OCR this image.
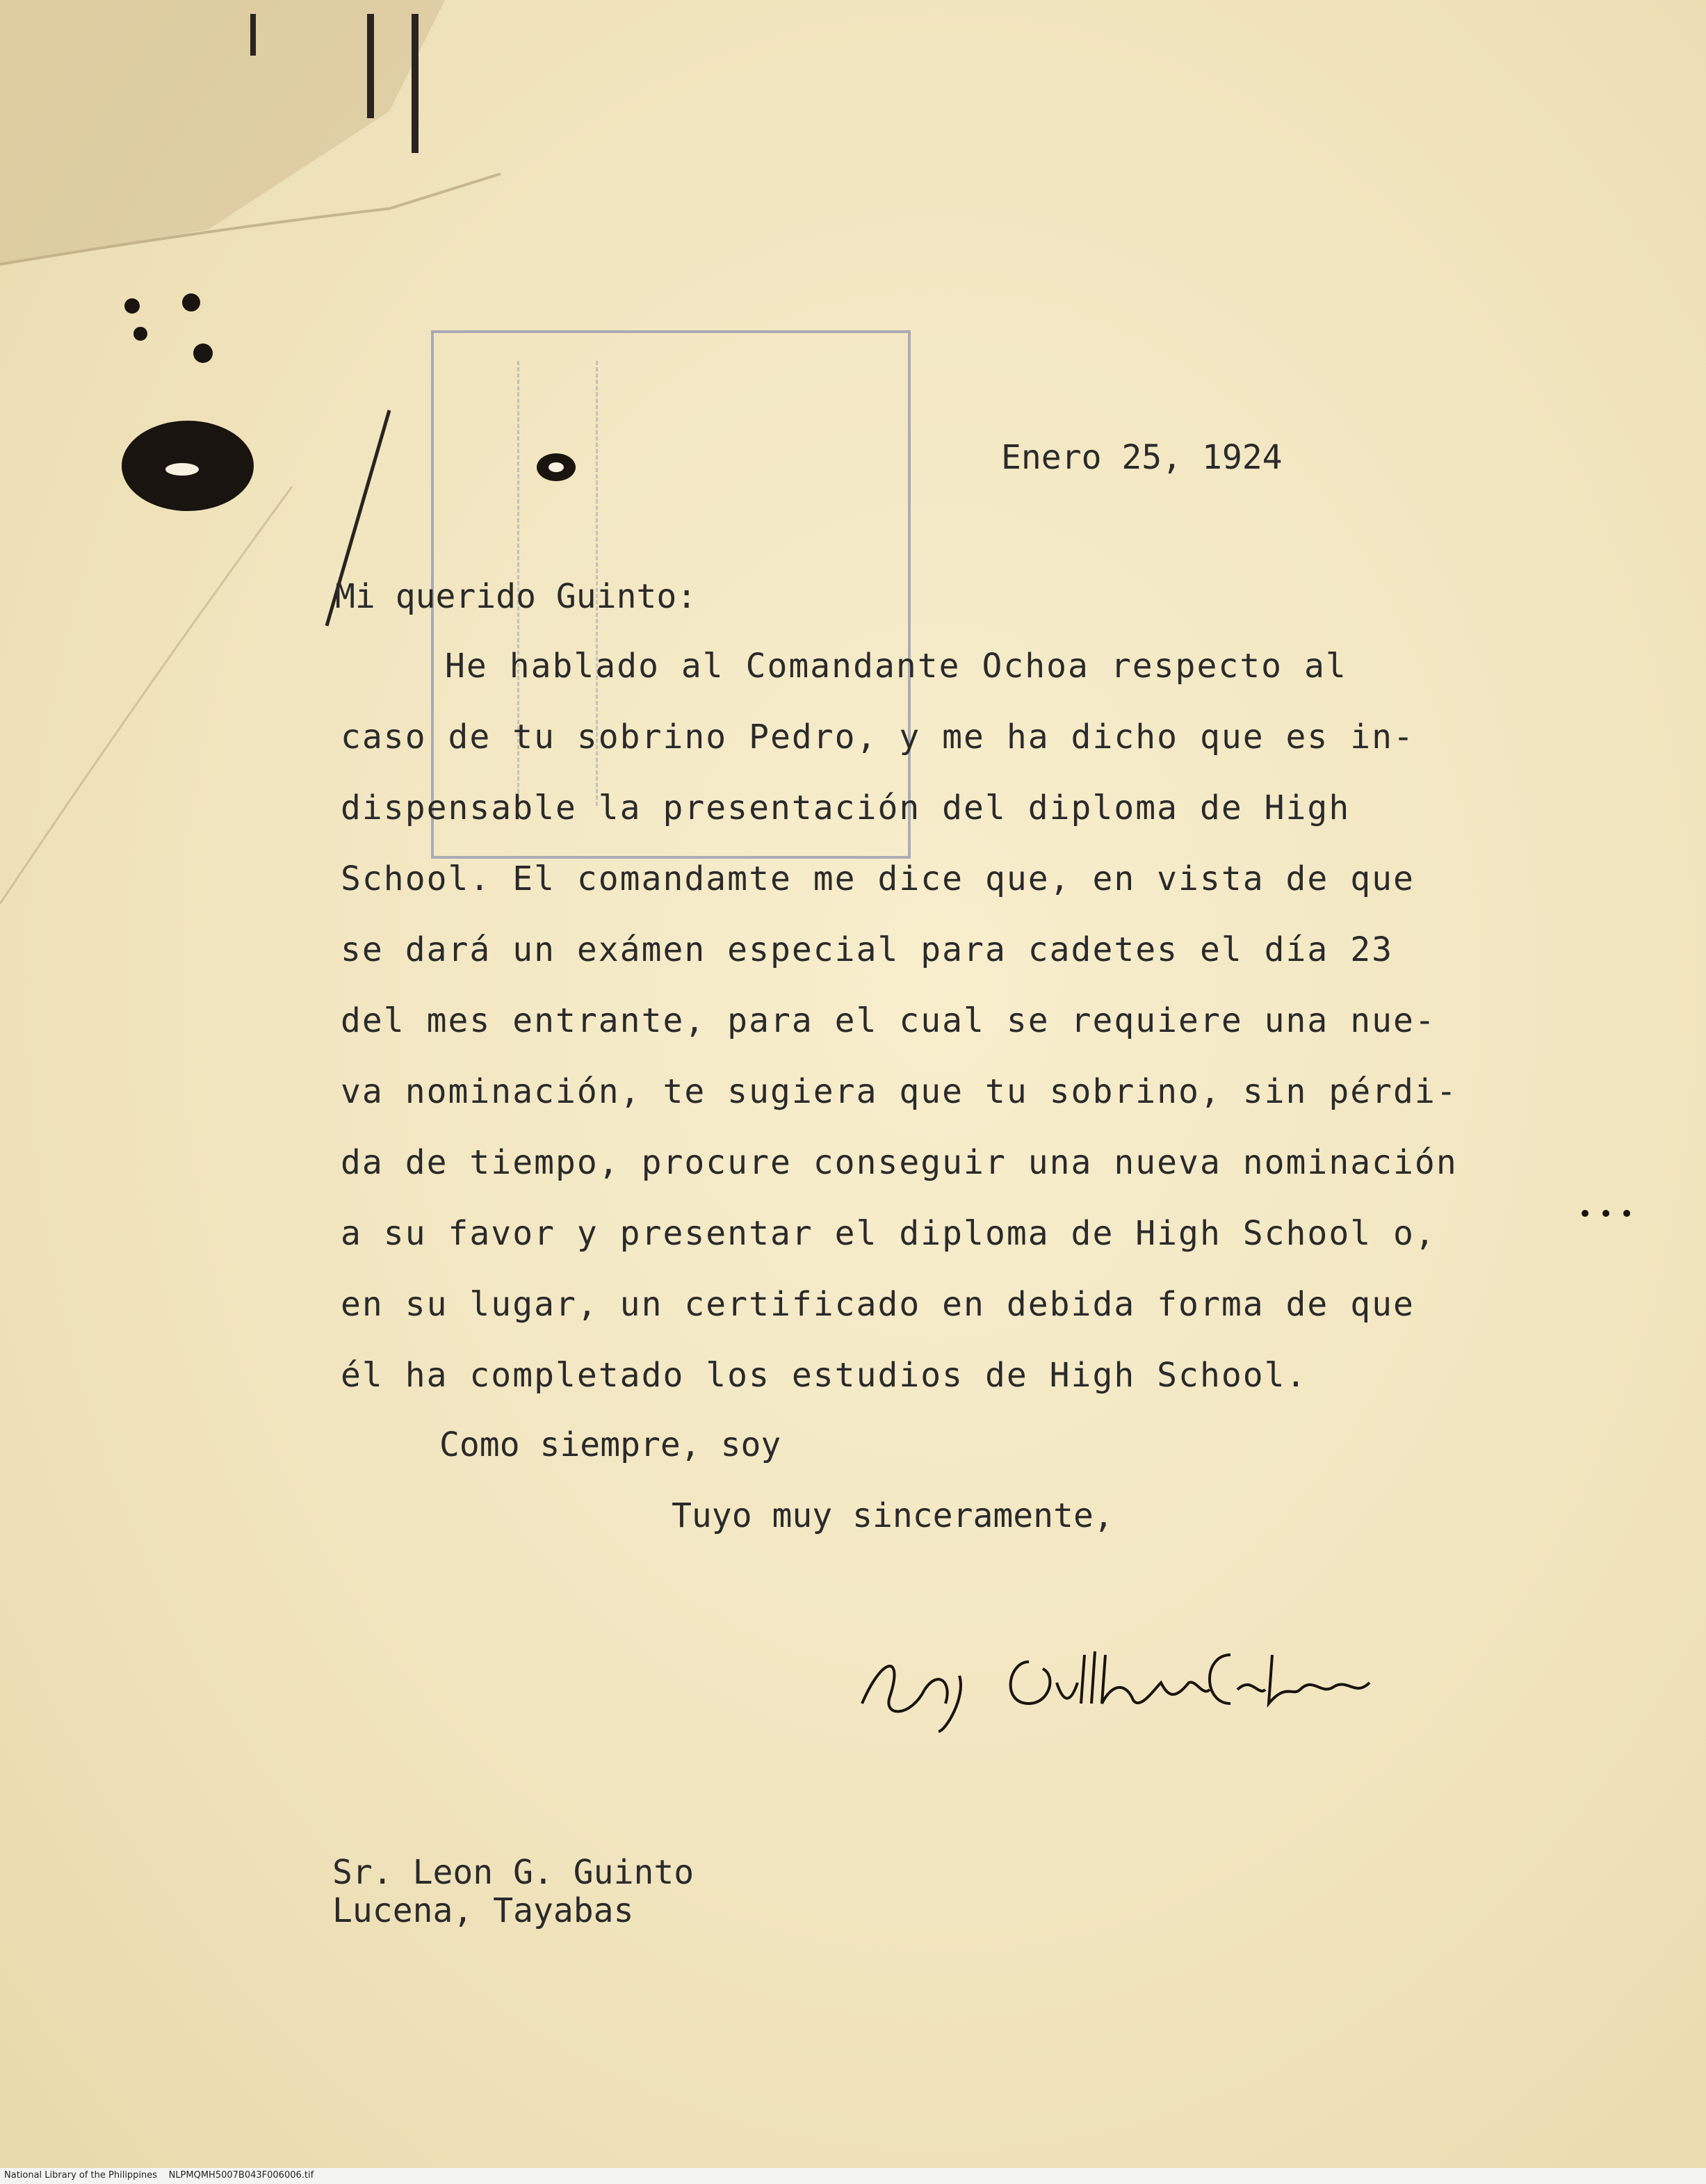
Enero 25, 1924
Mi querido Guinto:
He hablado al Comandante Ochoa respecto al
caso de tu sobrino Pedro, y me ha dicho que es in-
dispensable la presentación del diploma de High
School. El comandamte me dice que, en vista de que
se dará un exámen especial para cadetes el día 23
del mes entrante, para el cual se requiere una nue-
va nominación, te sugiera que tu sobrino, sin pérdi-
da de tiempo, procure conseguir una nueva nominación
a su favor y presentar el diploma de High School o,
en su lugar, un certificado en debida forma de que
él ha completado los estudios de High School.
Como siempre, soy
Tuyo muy sinceramente,
Sr. Leon G. Guinto
Lucena, Tayabas
National Library of the Philippines    NLPMQMH5007B043F006006.tif
